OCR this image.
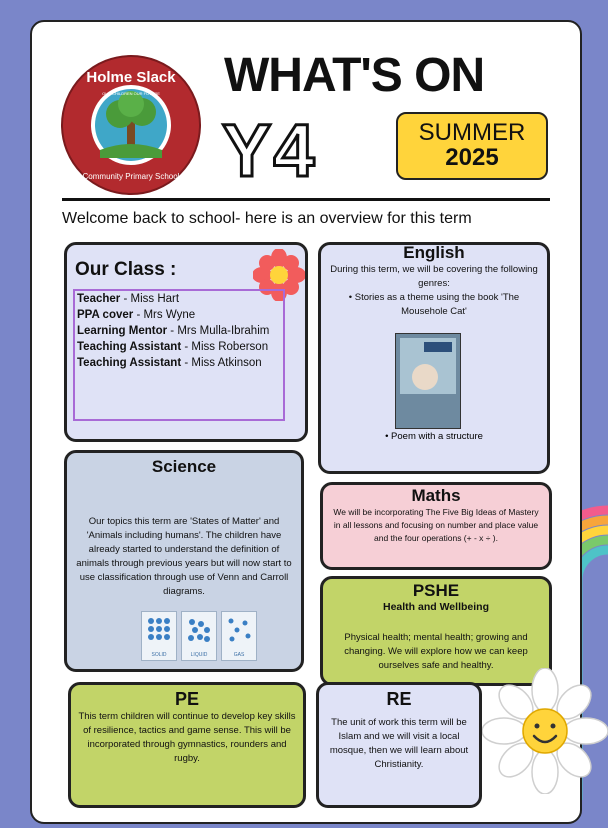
Holme Slack
OUR CHILDREN OUR FUTURE
Community Primary School
WHAT'S ON
Y4	SUMMER
2025
Welcome back to school- here is an overview for this term
Our Class :
Teacher - Miss Hart
PPA cover - Mrs Wyne
Learning Mentor - Mrs Mulla-Ibrahim
Teaching Assistant - Miss Roberson
Teaching Assistant - Miss Atkinson
English

During this term, we will be covering the following genres:

• Stories as a theme using the book 'The Mousehole Cat'

• Poem with a structure
Science

Our topics this term are 'States of Matter' and 'Animals including humans'. The children have already started to understand the definition of animals through previous years but will now start to use classification through use of Venn and Carroll diagrams.

SOLID	LIQUID	GAS
Maths

We will be incorporating The Five Big Ideas of Mastery in all lessons and focusing on number and place value and the four operations (+ - x ÷ ).

PSHE
Health and Wellbeing

Physical health; mental health; growing and changing. We will explore how we can keep ourselves safe and healthy.

PE

This term children will continue to develop key skills of resilience, tactics and game sense. This will be incorporated through gymnastics, rounders and rugby.

RE

The unit of work this term will be Islam and we will visit a local mosque, then we will learn about Christianity.
